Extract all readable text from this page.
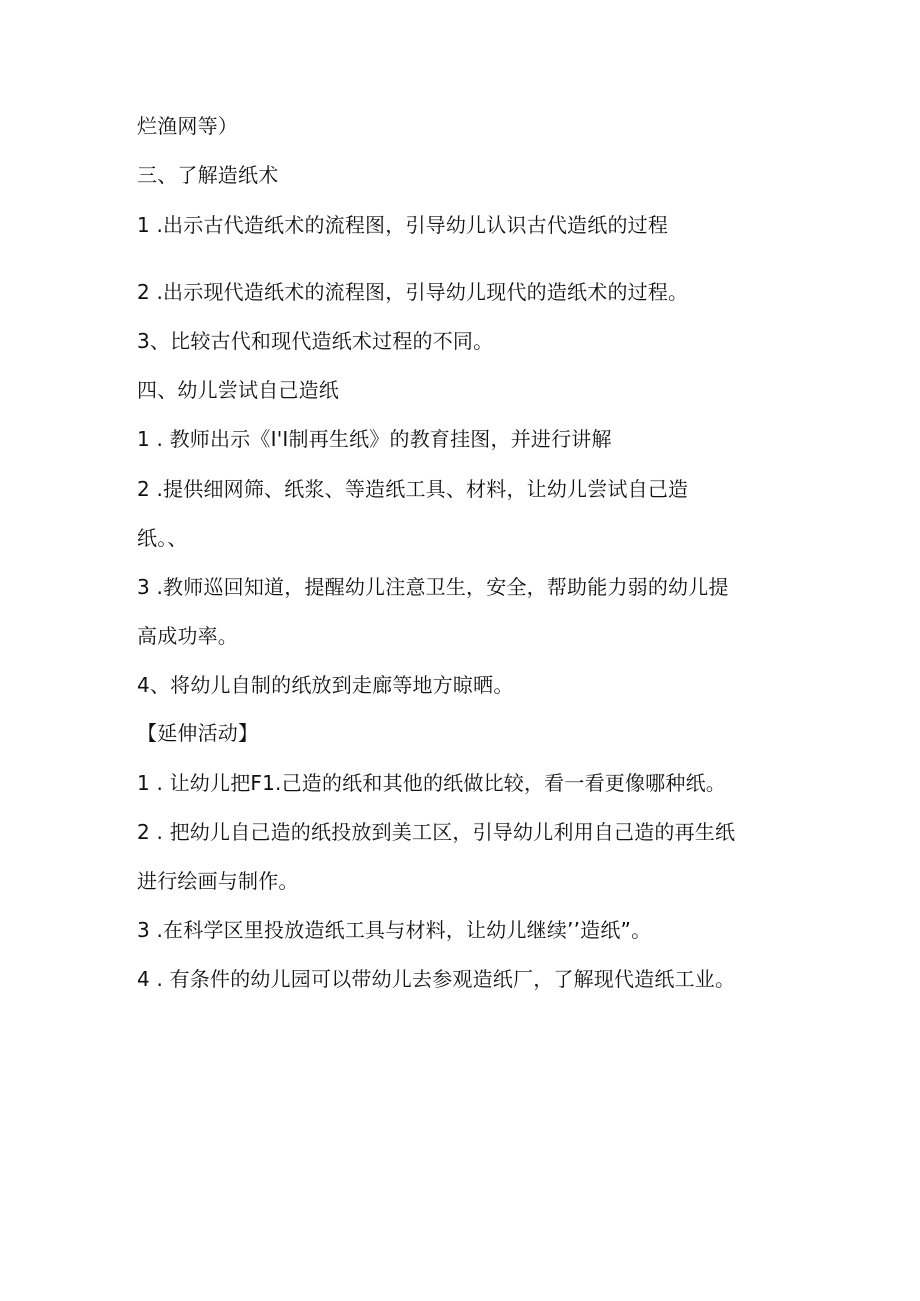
烂渔网等）
三、了解造纸术
1 .出示古代造纸术的流程图，引导幼儿认识古代造纸的过程
2 .出示现代造纸术的流程图，引导幼儿现代的造纸术的过程。
3、比较古代和现代造纸术过程的不同。
四、幼儿尝试自己造纸
1 . 教师出示《I'I制再生纸》的教育挂图，并进行讲解
2 .提供细网筛、纸浆、等造纸工具、材料，让幼儿尝试自己造
纸。、
3 .教师巡回知道，提醒幼儿注意卫生，安全，帮助能力弱的幼儿提
高成功率。
4、将幼儿自制的纸放到走廊等地方晾晒。
【延伸活动】
1 . 让幼儿把F1.己造的纸和其他的纸做比较，看一看更像哪种纸。
2 . 把幼儿自己造的纸投放到美工区，引导幼儿利用自己造的再生纸
进行绘画与制作。
3 .在科学区里投放造纸工具与材料，让幼儿继续’’造纸”。
4 . 有条件的幼儿园可以带幼儿去参观造纸厂，了解现代造纸工业。
